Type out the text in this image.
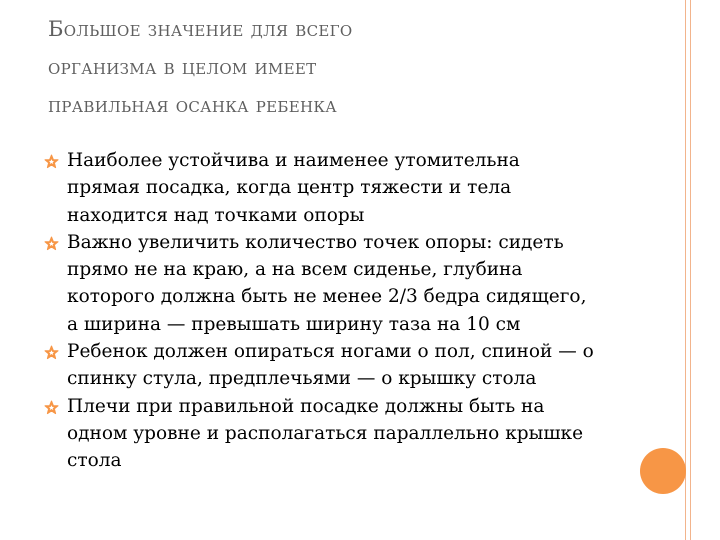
Большое значение для всего
организма в целом имеет
правильная осанка ребенка
Наиболее устойчива и наименее утомительна
прямая посадка, когда центр тяжести и тела
находится над точками опоры
Важно увеличить количество точек опоры: сидеть
прямо не на краю, а на всем сиденье, глубина
которого должна быть не менее 2/3 бедра сидящего,
а ширина — превышать ширину таза на 10 см
Ребенок должен опираться ногами о пол, спиной — о
спинку стула, предплечьями — о крышку стола
Плечи при правильной посадке должны быть на
одном уровне и располагаться параллельно крышке
стола
